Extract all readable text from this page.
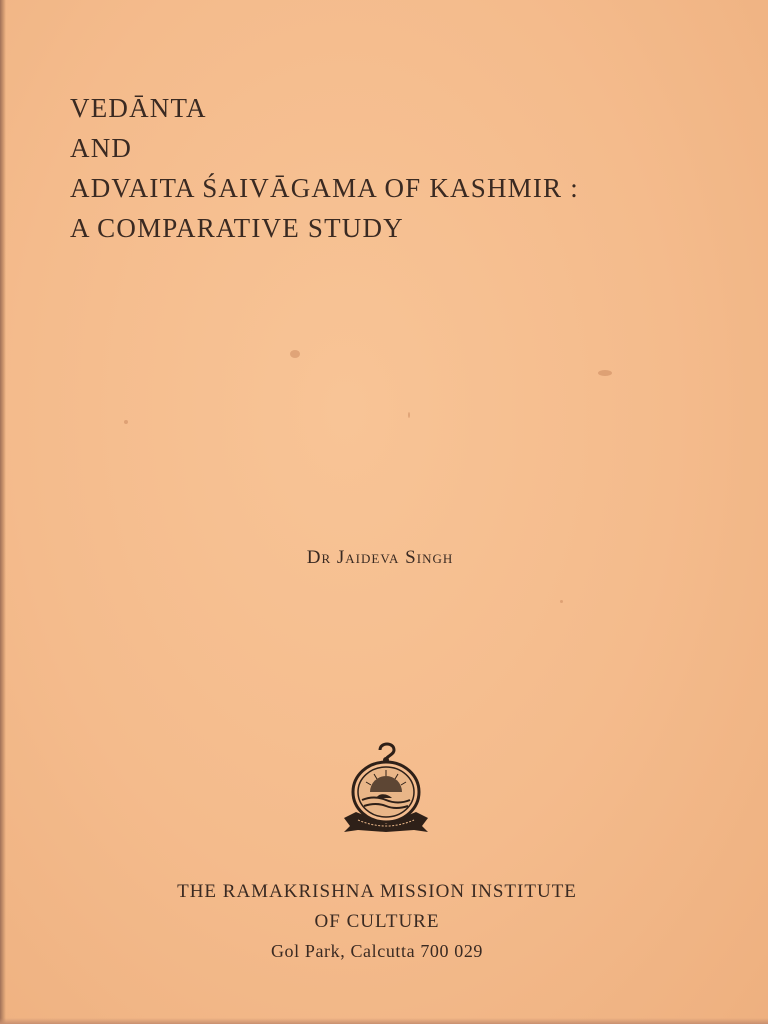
VEDĀNTA
AND
ADVAITA ŚAIVĀGAMA OF KASHMIR :
A COMPARATIVE STUDY
Dr Jaideva Singh
THE RAMAKRISHNA MISSION INSTITUTE
OF CULTURE
Gol Park, Calcutta 700 029
